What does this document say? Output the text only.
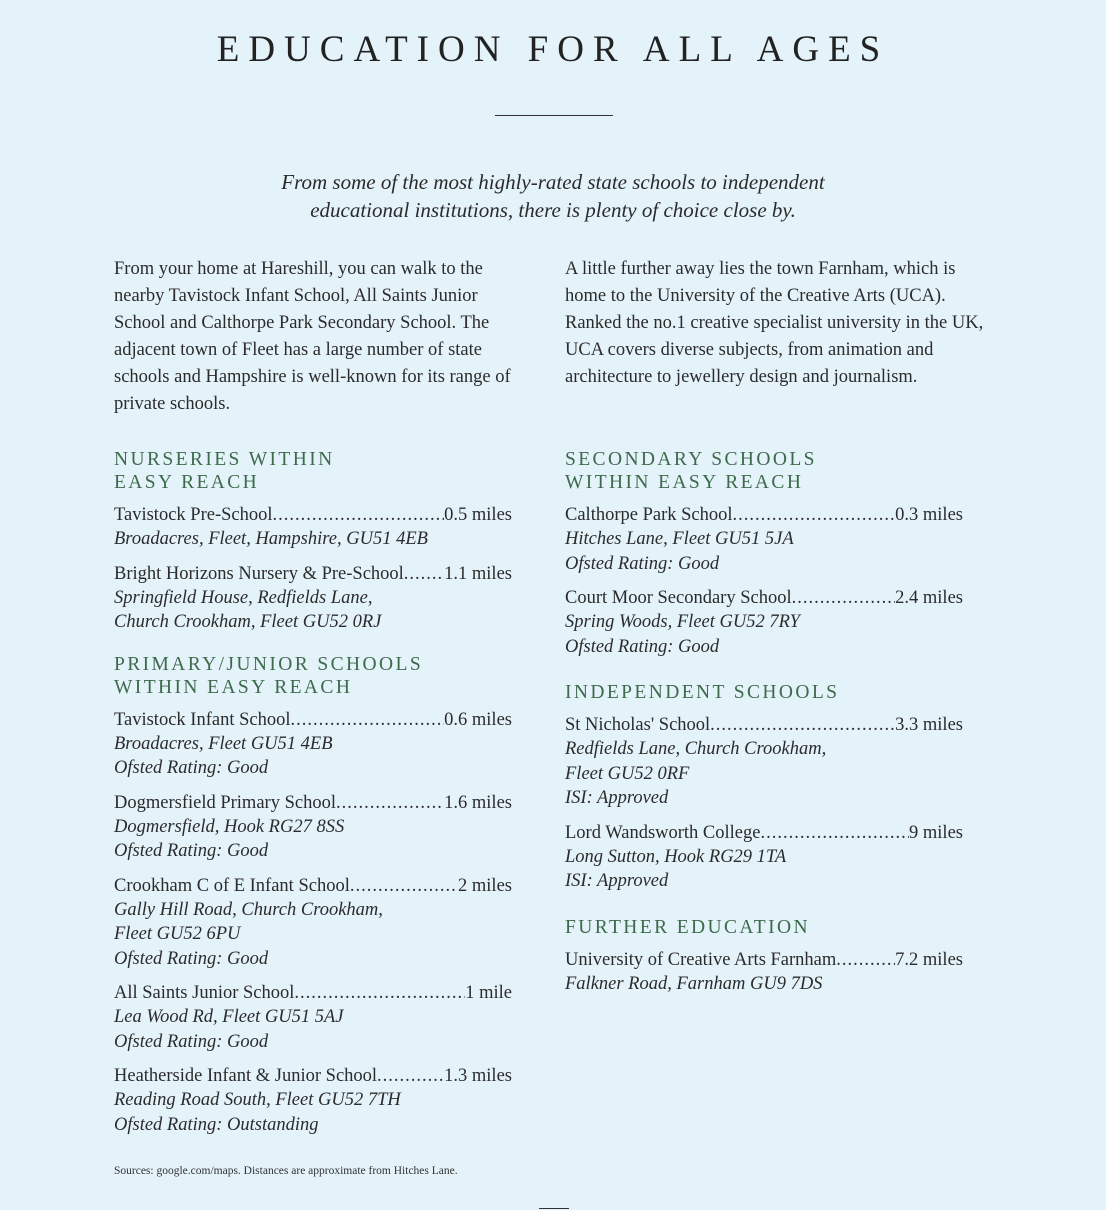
EDUCATION FOR ALL AGES

From some of the most highly-rated state schools to independent
educational institutions, there is plenty of choice close by.

From your home at Hareshill, you can walk to the nearby Tavistock Infant School, All Saints Junior School and Calthorpe Park Secondary School. The adjacent town of Fleet has a large number of state schools and Hampshire is well-known for its range of private schools.

NURSERIES WITHIN
EASY REACH
Tavistock Pre-School .....	0.5 miles
Broadacres, Fleet, Hampshire, GU51 4EB
Bright Horizons Nursery & Pre-School ..... 1.1 miles
Springfield House, Redfields Lane,
Church Crookham, Fleet GU52 0RJ
PRIMARY/JUNIOR SCHOOLS
WITHIN EASY REACH
Tavistock Infant School .....	0.6 miles
Broadacres, Fleet GU51 4EB
Ofsted Rating: Good
Dogmersfield Primary School .....	1.6 miles
Dogmersfield, Hook RG27 8SS
Ofsted Rating: Good
Crookham C of E Infant School .....	2 miles
Gally Hill Road, Church Crookham,
Fleet GU52 6PU
Ofsted Rating: Good
All Saints Junior School .....	1 mile
Lea Wood Rd, Fleet GU51 5AJ
Ofsted Rating: Good
Heatherside Infant & Junior School .....	1.3 miles
Reading Road South, Fleet GU52 7TH
Ofsted Rating: Outstanding

A little further away lies the town Farnham, which is home to the University of the Creative Arts (UCA). Ranked the no.1 creative specialist university in the UK, UCA covers diverse subjects, from animation and architecture to jewellery design and journalism.

SECONDARY SCHOOLS
WITHIN EASY REACH
Calthorpe Park School .....	0.3 miles
Hitches Lane, Fleet GU51 5JA
Ofsted Rating: Good
Court Moor Secondary School .....	2.4 miles
Spring Woods, Fleet GU52 7RY
Ofsted Rating: Good
INDEPENDENT SCHOOLS
St Nicholas' School .....	3.3 miles
Redfields Lane, Church Crookham,
Fleet GU52 0RF
ISI: Approved
Lord Wandsworth College .....	9 miles
Long Sutton, Hook RG29 1TA
ISI: Approved
FURTHER EDUCATION
University of Creative Arts Farnham .....	7.2 miles
Falkner Road, Farnham GU9 7DS

Sources: google.com/maps. Distances are approximate from Hitches Lane.
